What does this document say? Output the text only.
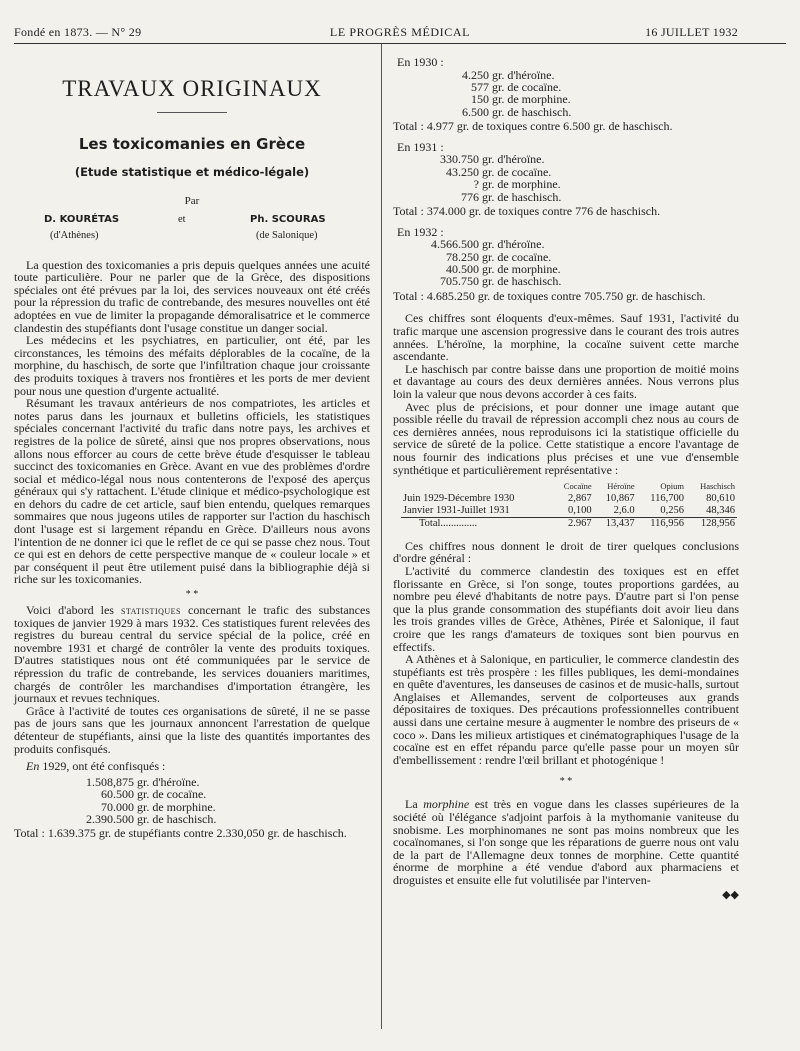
Fondé en 1873. — N° 29	LE PROGRÈS MÉDICAL	16 JUILLET 1932
TRAVAUX ORIGINAUX
Les toxicomanies en Grèce
(Etude statistique et médico-légale)
Par
D. KOURÉTAS	et	Ph. SCOURAS
(d'Athènes)	(de Salonique)

La question des toxicomanies a pris depuis quelques années une acuité toute particulière. Pour ne parler que de la Grèce, des dispositions spéciales ont été prévues par la loi, des services nouveaux ont été créés pour la répression du trafic de contrebande, des mesures nouvelles ont été adoptées en vue de limiter la propagande démoralisatrice et le commerce clandestin des stupéfiants dont l'usage constitue un danger social.

Les médecins et les psychiatres, en particulier, ont été, par les circonstances, les témoins des méfaits déplorables de la cocaïne, de la morphine, du haschisch, de sorte que l'infiltration chaque jour croissante des produits toxiques à travers nos frontières et les ports de mer devient pour nous une question d'urgente actualité.

Résumant les travaux antérieurs de nos compatriotes, les articles et notes parus dans les journaux et bulletins officiels, les statistiques spéciales concernant l'activité du trafic dans notre pays, les archives et registres de la police de sûreté, ainsi que nos propres observations, nous allons nous efforcer au cours de cette brève étude d'esquisser le tableau succinct des toxicomanies en Grèce. Avant en vue des problèmes d'ordre social et médico-légal nous nous contenterons de l'exposé des aperçus généraux qui s'y rattachent. L'étude clinique et médico-psychologique est en dehors du cadre de cet article, sauf bien entendu, quelques remarques sommaires que nous jugeons utiles de rapporter sur l'action du haschisch dont l'usage est si largement répandu en Grèce. D'ailleurs nous avons l'intention de ne donner ici que le reflet de ce qui se passe chez nous. Tout ce qui est en dehors de cette perspective manque de « couleur locale » et par conséquent il peut être utilement puisé dans la bibliographie déjà si riche sur les toxicomanies.

* *

Voici d'abord les statistiques concernant le trafic des substances toxiques de janvier 1929 à mars 1932. Ces statistiques furent relevées des registres du bureau central du service spécial de la police, créé en novembre 1931 et chargé de contrôler la vente des produits toxiques. D'autres statistiques nous ont été communiquées par le service de répression du trafic de contrebande, les services douaniers maritimes, chargés de contrôler les marchandises d'importation étrangère, les journaux et revues techniques.

Grâce à l'activité de toutes ces organisations de sûreté, il ne se passe pas de jours sans que les journaux annoncent l'arrestation de quelque détenteur de stupéfiants, ainsi que la liste des quantités importantes des produits confisqués.

En 1929, ont été confisqués :

1.508,875 gr. d'héroïne.
60.500 gr. de cocaïne.
70.000 gr. de morphine.
2.390.500 gr. de haschisch.

Total : 1.639.375 gr. de stupéfiants contre 2.330,050 gr. de haschisch.

En 1930 :

4.250 gr. d'héroïne.
577 gr. de cocaïne.
150 gr. de morphine.
6.500 gr. de haschisch.

Total : 4.977 gr. de toxiques contre 6.500 gr. de haschisch.

En 1931 :

330.750 gr. d'héroïne.
43.250 gr. de cocaïne.
? gr. de morphine.
776 gr. de haschisch.

Total : 374.000 gr. de toxiques contre 776 de haschisch.

En 1932 :

4.566.500 gr. d'héroïne.
78.250 gr. de cocaïne.
40.500 gr. de morphine.
705.750 gr. de haschisch.

Total : 4.685.250 gr. de toxiques contre 705.750 gr. de haschisch.

Ces chiffres sont éloquents d'eux-mêmes. Sauf 1931, l'activité du trafic marque une ascension progressive dans le courant des trois autres années. L'héroïne, la morphine, la cocaïne suivent cette marche ascendante.

Le haschisch par contre baisse dans une proportion de moitié moins et davantage au cours des deux dernières années. Nous verrons plus loin la valeur que nous devons accorder à ces faits.

Avec plus de précisions, et pour donner une image autant que possible réelle du travail de répression accompli chez nous au cours de ces dernières années, nous reproduisons ici la statistique officielle du service de sûreté de la police. Cette statistique a encore l'avantage de nous fournir des indications plus précises et une vue d'ensemble synthétique et particulièrement représentative :

	Cocaïne	Héroïne	Opium	Haschisch
Juin 1929-Décembre 1930	2,867	10,867	116,700	80,610
Janvier 1931-Juillet 1931	0,100	2,6.0	0,256	48,346
Total..............	2.967	13,437	116,956	128,956

Ces chiffres nous donnent le droit de tirer quelques conclusions d'ordre général :

L'activité du commerce clandestin des toxiques est en effet florissante en Grèce, si l'on songe, toutes proportions gardées, au nombre peu élevé d'habitants de notre pays. D'autre part si l'on pense que la plus grande consommation des stupéfiants doit avoir lieu dans les trois grandes villes de Grèce, Athènes, Pirée et Salonique, il faut croire que les rangs d'amateurs de toxiques sont bien pourvus en effectifs.

A Athènes et à Salonique, en particulier, le commerce clandestin des stupéfiants est très prospère : les filles publiques, les demi-mondaines en quête d'aventures, les danseuses de casinos et de music-halls, surtout Anglaises et Allemandes, servent de colporteuses aux grands dépositaires de toxiques. Des précautions professionnelles contribuent aussi dans une certaine mesure à augmenter le nombre des priseurs de « coco ». Dans les milieux artistiques et cinématographiques l'usage de la cocaïne est en effet répandu parce qu'elle passe pour un moyen sûr d'embellissement : rendre l'œil brillant et photogénique !

* *

La morphine est très en vogue dans les classes supérieures de la société où l'élégance s'adjoint parfois à la mythomanie vaniteuse du snobisme. Les morphinomanes ne sont pas moins nombreux que les cocaïnomanes, si l'on songe que les réparations de guerre nous ont valu de la part de l'Allemagne deux tonnes de morphine. Cette quantité énorme de morphine a été vendue d'abord aux pharmaciens et droguistes et ensuite elle fut volutilisée par l'interven-

◆◆
